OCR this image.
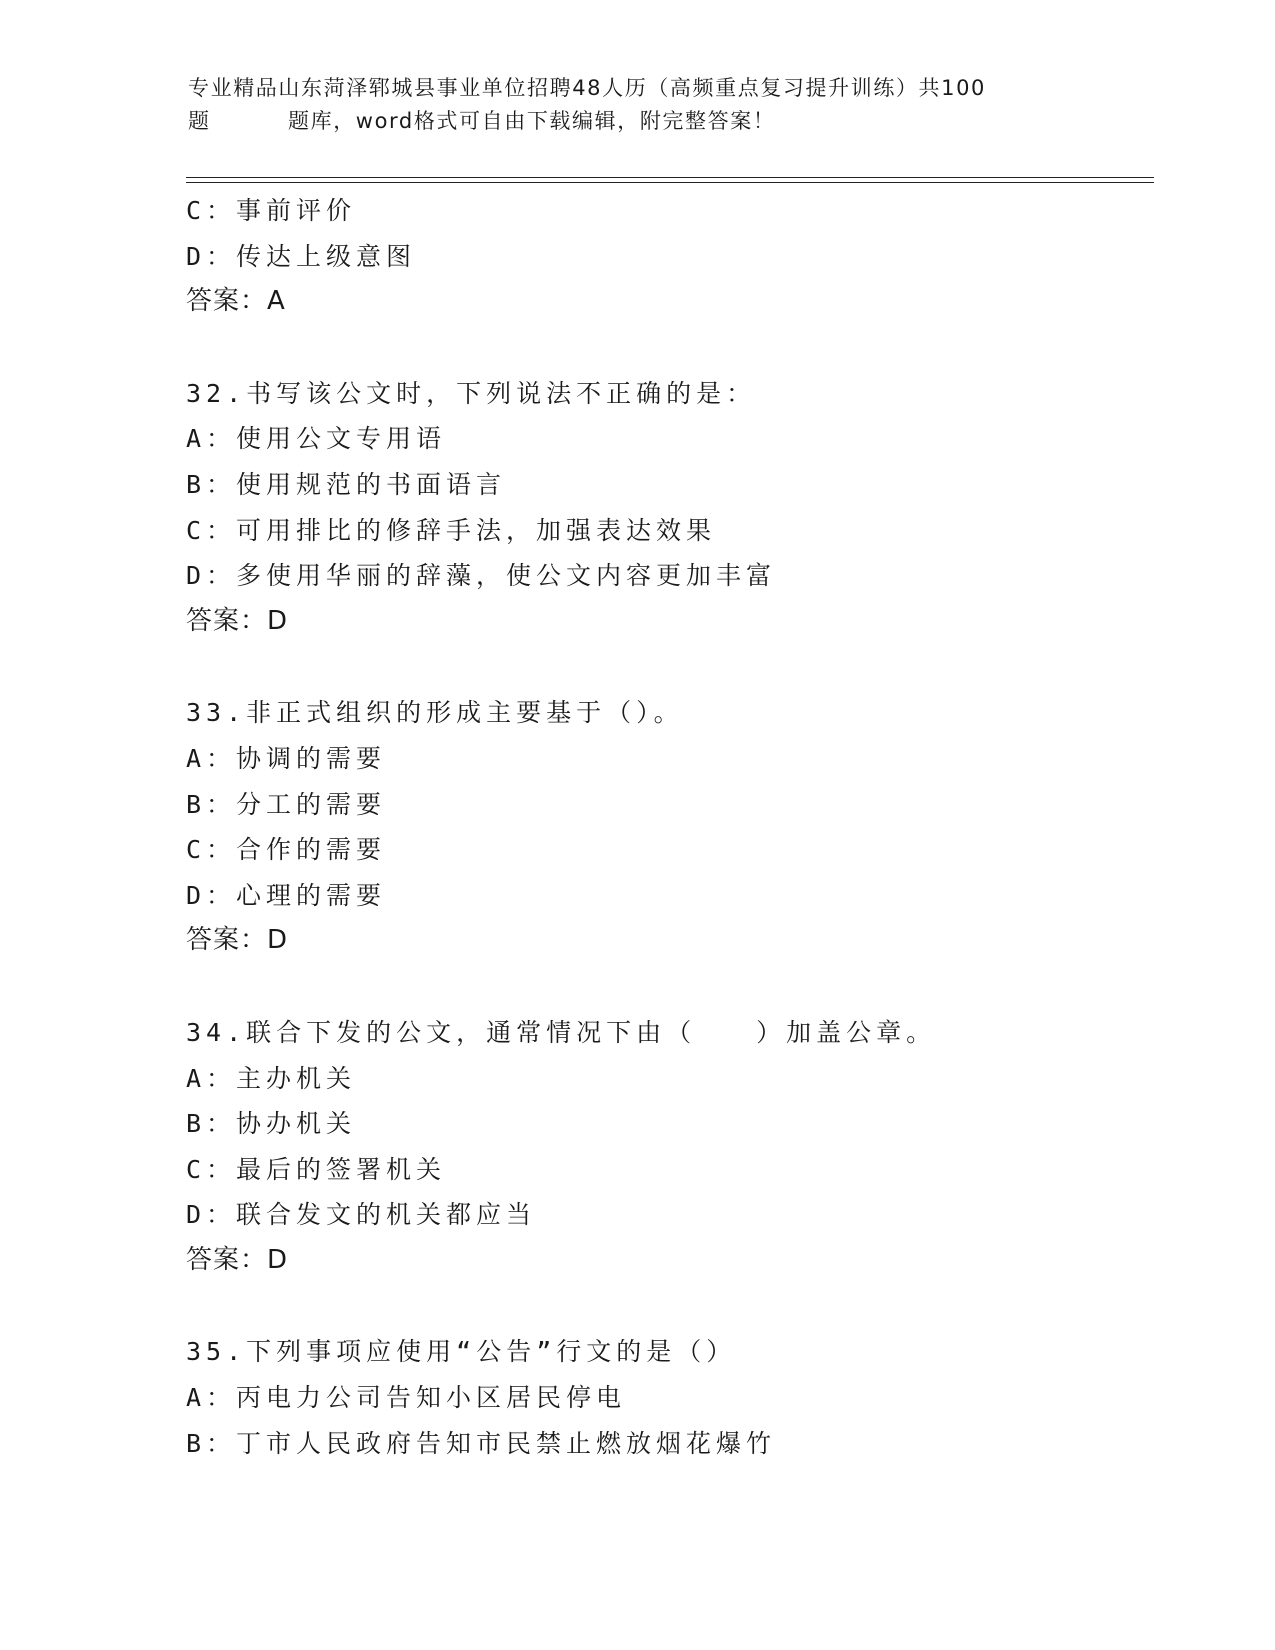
专业精品山东菏泽郓城县事业单位招聘48人历（高频重点复习提升训练）共100
题	题库，word格式可自由下载编辑，附完整答案！
C：事前评价
D：传达上级意图
答案：A
32.书写该公文时，下列说法不正确的是：
A：使用公文专用语
B：使用规范的书面语言
C：可用排比的修辞手法，加强表达效果
D：多使用华丽的辞藻，使公文内容更加丰富
答案：D
33.非正式组织的形成主要基于（）。
A：协调的需要
B：分工的需要
C：合作的需要
D：心理的需要
答案：D
34.联合下发的公文，通常情况下由（　　）加盖公章。
A：主办机关
B：协办机关
C：最后的签署机关
D：联合发文的机关都应当
答案：D
35.下列事项应使用“公告”行文的是（）
A：丙电力公司告知小区居民停电
B：丁市人民政府告知市民禁止燃放烟花爆竹
